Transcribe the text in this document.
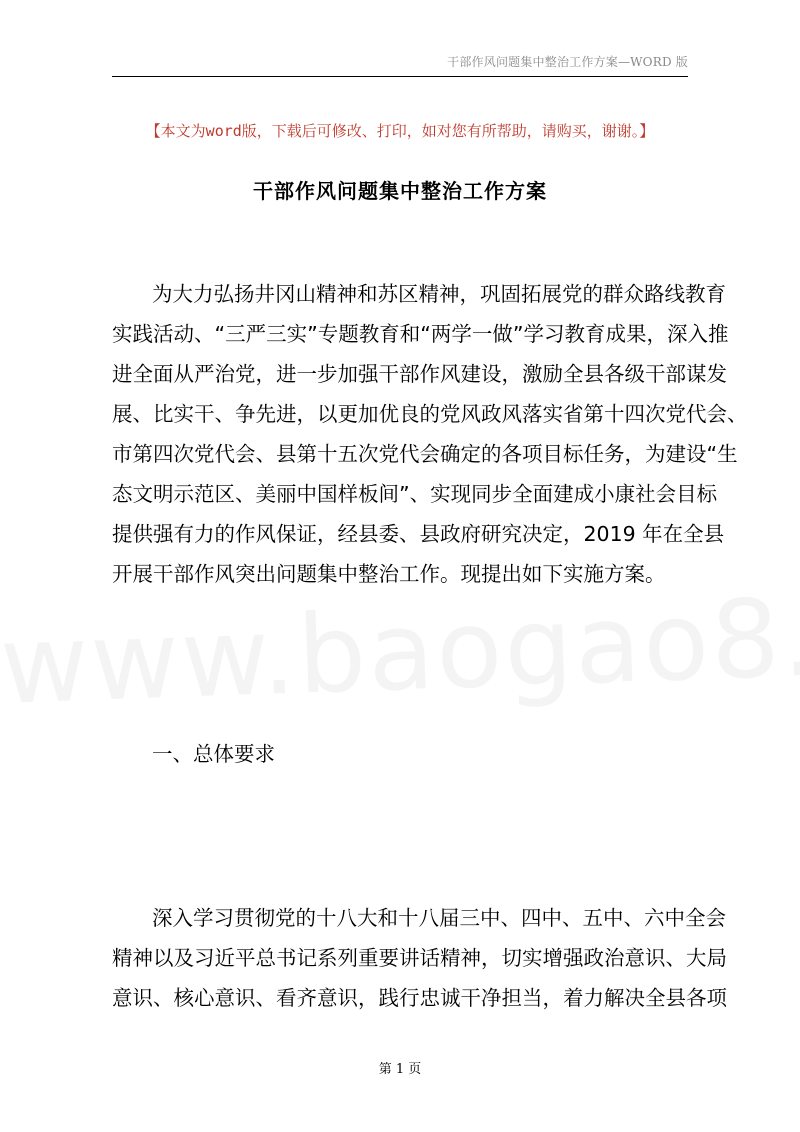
干部作风问题集中整治工作方案—WORD 版
【本文为word版，下载后可修改、打印，如对您有所帮助，请购买，谢谢。】
干部作风问题集中整治工作方案
为大力弘扬井冈山精神和苏区精神，巩固拓展党的群众路线教育
实践活动、“三严三实”专题教育和“两学一做”学习教育成果，深入推
进全面从严治党，进一步加强干部作风建设，激励全县各级干部谋发
展、比实干、争先进，以更加优良的党风政风落实省第十四次党代会、
市第四次党代会、县第十五次党代会确定的各项目标任务，为建设“生
态文明示范区、美丽中国样板间”、实现同步全面建成小康社会目标
提供强有力的作风保证，经县委、县政府研究决定，2019 年在全县
开展干部作风突出问题集中整治工作。现提出如下实施方案。
一、总体要求
深入学习贯彻党的十八大和十八届三中、四中、五中、六中全会
精神以及习近平总书记系列重要讲话精神，切实增强政治意识、大局
意识、核心意识、看齐意识，践行忠诚干净担当，着力解决全县各项
第 1 页
